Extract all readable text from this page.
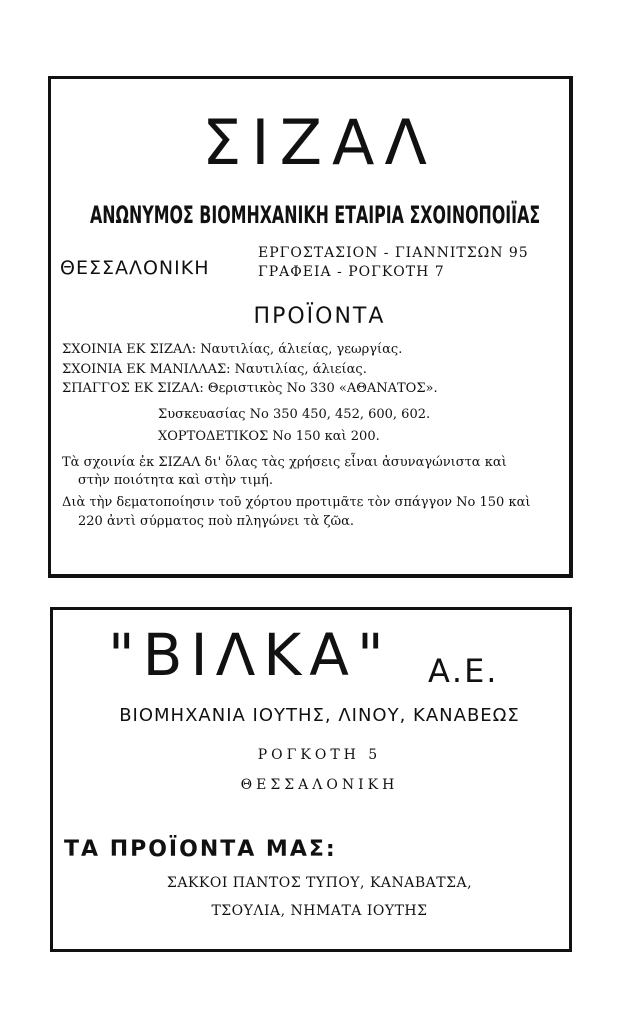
ΣΙΖΑΛ
ΑΝΩΝΥΜΟΣ ΒΙΟΜΗΧΑΝΙΚΗ ΕΤΑΙΡΙΑ ΣΧΟΙΝΟΠΟΙΪΑΣ
ΘΕΣΣΑΛΟΝΙΚΗ
ΕΡΓΟΣΤΑΣΙΟΝ - ΓΙΑΝΝΙΤΣΩΝ 95
ΓΡΑΦΕΙΑ - ΡΟΓΚΟΤΗ 7
ΠΡΟΪΟΝΤΑ
ΣΧΟΙΝΙΑ ΕΚ ΣΙΖΑΛ: Ναυτιλίας, άλιείας, γεωργίας.
ΣΧΟΙΝΙΑ ΕΚ ΜΑΝΙΛΛΑΣ: Ναυτιλίας, άλιείας.
ΣΠΑΓΓΟΣ ΕΚ ΣΙΖΑΛ: Θεριστικὸς Νο 330 «ΑΘΑΝΑΤΟΣ».
Συσκευασίας Νο 350 450, 452, 600, 602.
ΧΟΡΤΟΔΕΤΙΚΟΣ Νο 150 καὶ 200.
Τὰ σχοινία ἐκ ΣΙΖΑΛ δι' ὅλας τὰς χρήσεις εἶναι ἀσυναγώνιστα καὶ
στὴν ποιότητα καὶ στὴν τιμή.
Διὰ τὴν δεματοποίησιν τοῦ χόρτου προτιμᾶτε τὸν σπάγγον Νο 150 καὶ
220 ἀντὶ σύρματος ποὺ πληγώνει τὰ ζῶα.
"ΒΙΛΚΑ" Α.Ε.
ΒΙΟΜΗΧΑΝΙΑ ΙΟΥΤΗΣ, ΛΙΝΟΥ, ΚΑΝΑΒΕΩΣ
ΡΟΓΚΟΤΗ 5
ΘΕΣΣΑΛΟΝΙΚΗ
ΤΑ ΠΡΟΪΟΝΤΑ ΜΑΣ:
ΣΑΚΚΟΙ ΠΑΝΤΟΣ ΤΥΠΟΥ, ΚΑΝΑΒΑΤΣΑ,
ΤΣΟΥΛΙΑ, ΝΗΜΑΤΑ ΙΟΥΤΗΣ
